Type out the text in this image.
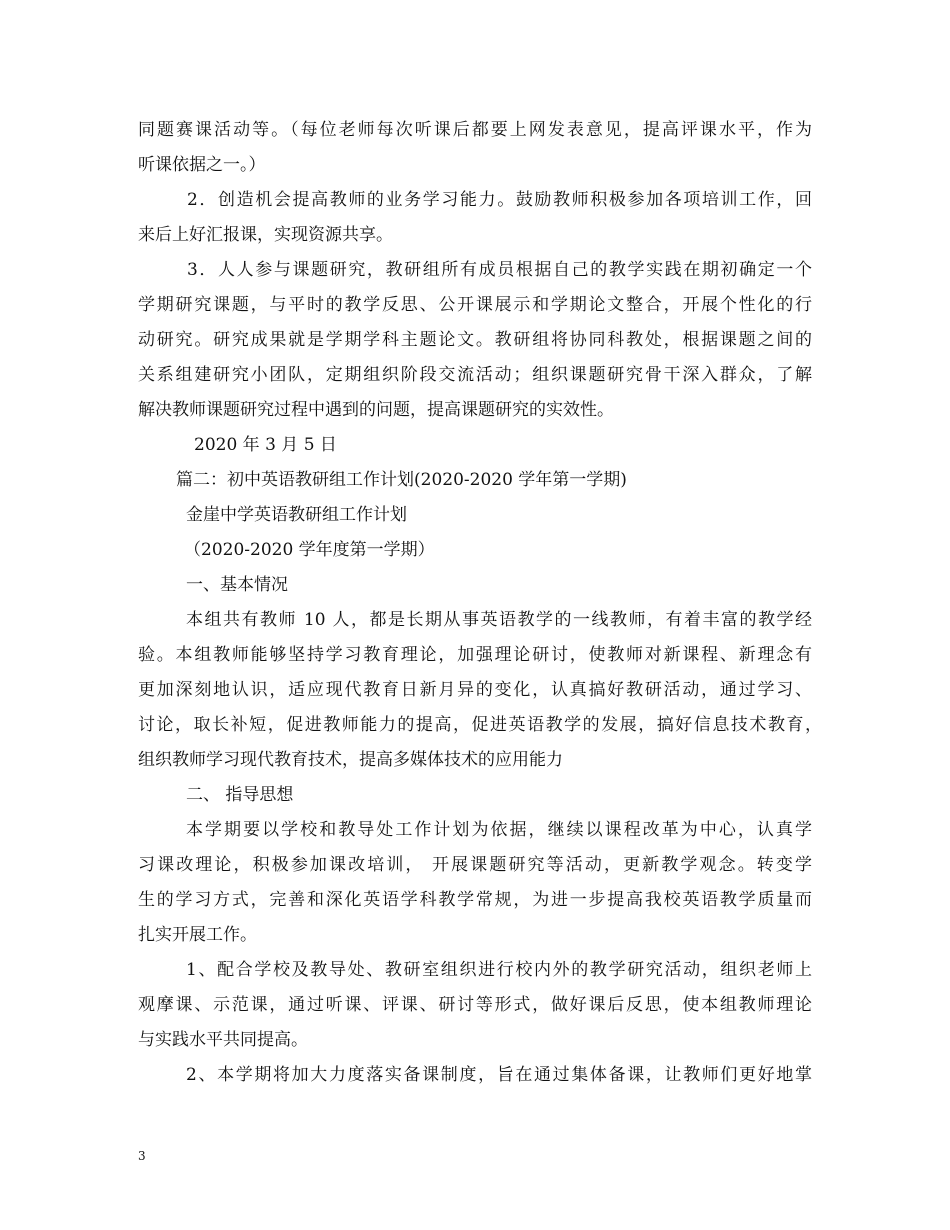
同题赛课活动等。（每位老师每次听课后都要上网发表意见，提高评课水平，作为

听课依据之一。）

2．创造机会提高教师的业务学习能力。鼓励教师积极参加各项培训工作，回

来后上好汇报课，实现资源共享。

3．人人参与课题研究，教研组所有成员根据自己的教学实践在期初确定一个

学期研究课题，与平时的教学反思、公开课展示和学期论文整合，开展个性化的行

动研究。研究成果就是学期学科主题论文。教研组将协同科教处，根据课题之间的

关系组建研究小团队，定期组织阶段交流活动；组织课题研究骨干深入群众，了解

解决教师课题研究过程中遇到的问题，提高课题研究的实效性。

2020 年 3 月 5 日

篇二：初中英语教研组工作计划(2020-2020 学年第一学期)

金崖中学英语教研组工作计划

（2020-2020 学年度第一学期）

一、基本情况

本组共有教师 10 人，都是长期从事英语教学的一线教师，有着丰富的教学经

验。本组教师能够坚持学习教育理论，加强理论研讨，使教师对新课程、新理念有

更加深刻地认识，适应现代教育日新月异的变化，认真搞好教研活动，通过学习、

讨论，取长补短，促进教师能力的提高，促进英语教学的发展，搞好信息技术教育，

组织教师学习现代教育技术，提高多媒体技术的应用能力

二、 指导思想

本学期要以学校和教导处工作计划为依据，继续以课程改革为中心，认真学

习课改理论，积极参加课改培训， 开展课题研究等活动，更新教学观念。转变学

生的学习方式，完善和深化英语学科教学常规，为进一步提高我校英语教学质量而

扎实开展工作。

1、配合学校及教导处、教研室组织进行校内外的教学研究活动，组织老师上

观摩课、示范课，通过听课、评课、研讨等形式，做好课后反思，使本组教师理论

与实践水平共同提高。

2、本学期将加大力度落实备课制度，旨在通过集体备课，让教师们更好地掌

3
